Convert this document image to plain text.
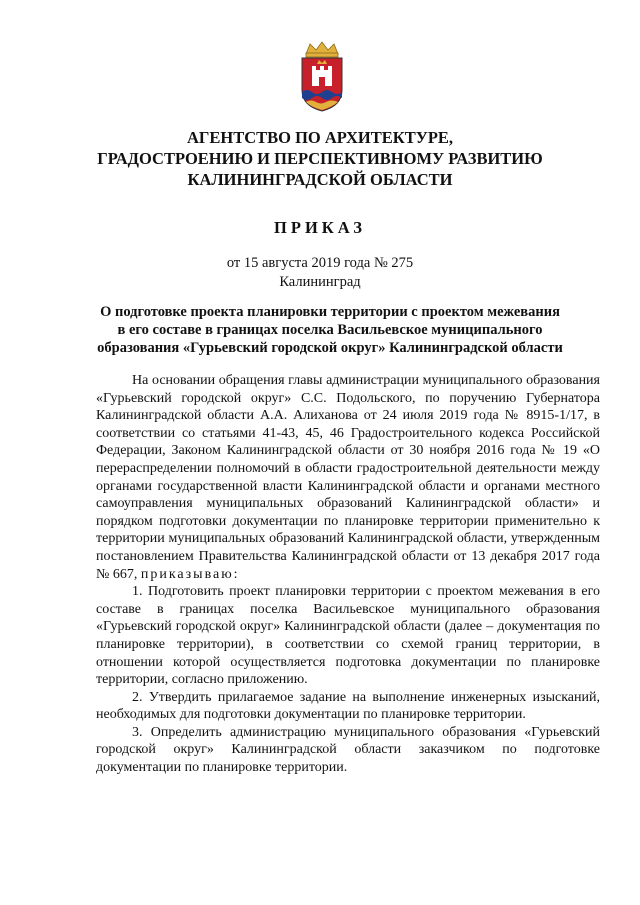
АГЕНТСТВО ПО АРХИТЕКТУРЕ,
ГРАДОСТРОЕНИЮ И ПЕРСПЕКТИВНОМУ РАЗВИТИЮ
КАЛИНИНГРАДСКОЙ ОБЛАСТИ
ПРИКАЗ
от 15 августа 2019 года № 275
Калининград
О подготовке проекта планировки территории с проектом межевания
в его составе в границах поселка Васильевское муниципального
образования «Гурьевский городской округ» Калининградской области

На основании обращения главы администрации муниципального образования «Гурьевский городской округ» С.С. Подольского, по поручению Губернатора Калининградской области А.А. Алиханова от 24 июля 2019 года № 8915-1/17, в соответствии со статьями 41-43, 45, 46 Градостроительного кодекса Российской Федерации, Законом Калининградской области от 30 ноября 2016 года № 19 «О перераспределении полномочий в области градостроительной деятельности между органами государственной власти Калининградской области и органами местного самоуправления муниципальных образований Калининградской области» и порядком подготовки документации по планировке территории применительно к территории муниципальных образований Калининградской области, утвержденным постановлением Правительства Калининградской области от 13 декабря 2017 года № 667, приказываю:

1. Подготовить проект планировки территории с проектом межевания в его составе в границах поселка Васильевское муниципального образования «Гурьевский городской округ» Калининградской области (далее – документация по планировке территории), в соответствии со схемой границ территории, в отношении которой осуществляется подготовка документации по планировке территории, согласно приложению.

2. Утвердить прилагаемое задание на выполнение инженерных изысканий, необходимых для подготовки документации по планировке территории.

3. Определить администрацию муниципального образования «Гурьевский городской округ» Калининградской области заказчиком по подготовке документации по планировке территории.
